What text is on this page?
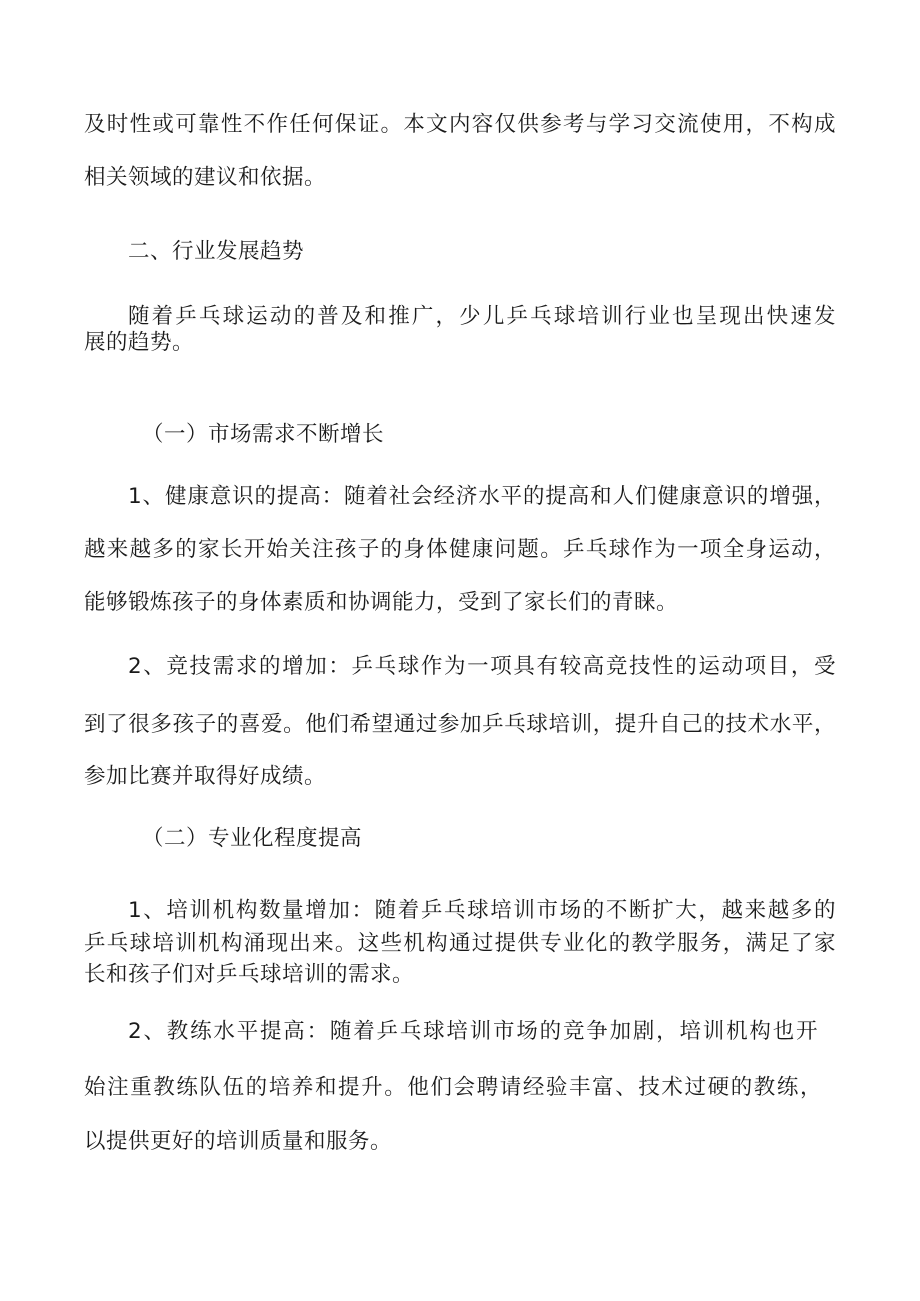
及时性或可靠性不作任何保证。本文内容仅供参考与学习交流使用，不构成
相关领域的建议和依据。
二、行业发展趋势
随着乒乓球运动的普及和推广，少儿乒乓球培训行业也呈现出快速发
展的趋势。
（一）市场需求不断增长
1、健康意识的提高：随着社会经济水平的提高和人们健康意识的增强，
越来越多的家长开始关注孩子的身体健康问题。乒乓球作为一项全身运动，
能够锻炼孩子的身体素质和协调能力，受到了家长们的青睐。
2、竞技需求的增加：乒乓球作为一项具有较高竞技性的运动项目，受
到了很多孩子的喜爱。他们希望通过参加乒乓球培训，提升自己的技术水平，
参加比赛并取得好成绩。
（二）专业化程度提高
1、培训机构数量增加：随着乒乓球培训市场的不断扩大，越来越多的
乒乓球培训机构涌现出来。这些机构通过提供专业化的教学服务，满足了家
长和孩子们对乒乓球培训的需求。
2、教练水平提高：随着乒乓球培训市场的竞争加剧，培训机构也开
始注重教练队伍的培养和提升。他们会聘请经验丰富、技术过硬的教练，
以提供更好的培训质量和服务。
